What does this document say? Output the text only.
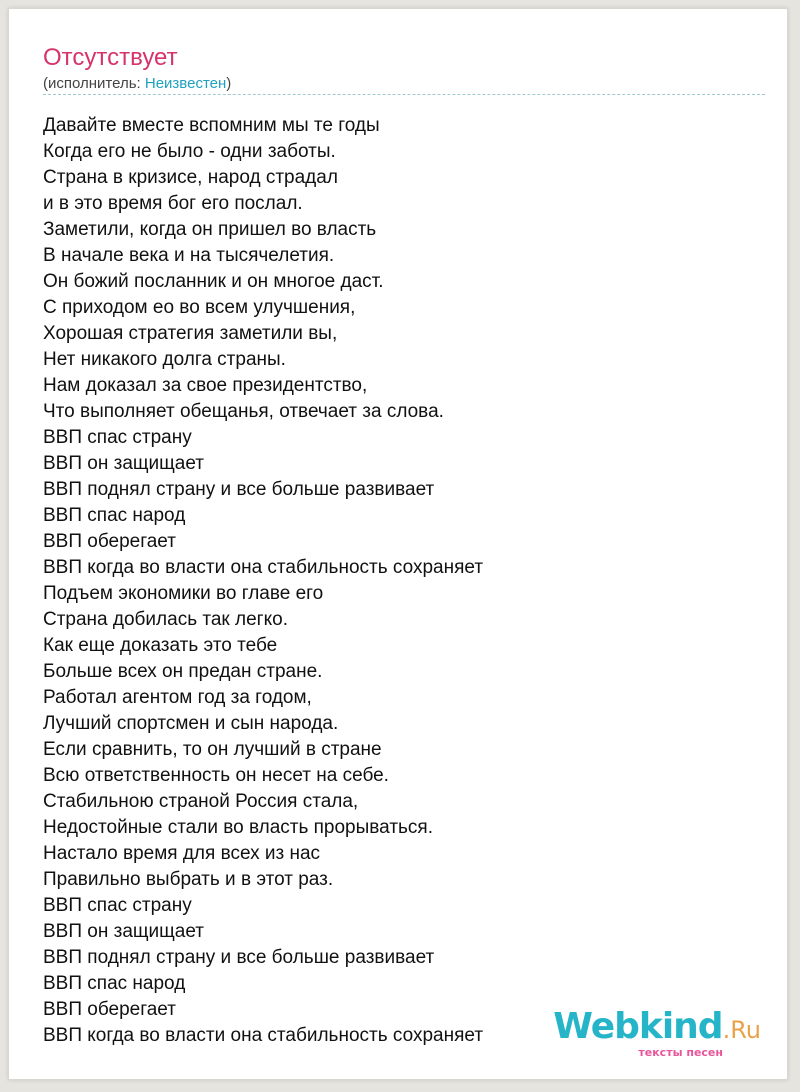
Отсутствует
(исполнитель: Неизвестен)
Давайте вместе вспомним мы те годы
Когда его не было - одни заботы.
Страна в кризисе, народ страдал
и в это время бог его послал.
Заметили, когда он пришел во власть
В начале века и на тысячелетия.
Он божий посланник и он многое даст.
С приходом ео во всем улучшения,
Хорошая стратегия заметили вы,
Нет никакого долга страны.
Нам доказал за свое президентство,
Что выполняет обещанья, отвечает за слова.
ВВП спас страну
ВВП он защищает
ВВП поднял страну и все больше развивает
ВВП спас народ
ВВП оберегает
ВВП когда во власти она стабильность сохраняет
Подъем экономики во главе его
Страна добилась так легко.
Как еще доказать это тебе
Больше всех он предан стране.
Работал агентом год за годом,
Лучший спортсмен и сын народа.
Если сравнить, то он лучший в стране
Всю ответственность он несет на себе.
Стабильною страной Россия стала,
Недостойные стали во власть прорываться.
Настало время для всех из нас
Правильно выбрать и в этот раз.
ВВП спас страну
ВВП он защищает
ВВП поднял страну и все больше развивает
ВВП спас народ
ВВП оберегает
ВВП когда во власти она стабильность сохраняет Webkind.Ru
тексты песен
